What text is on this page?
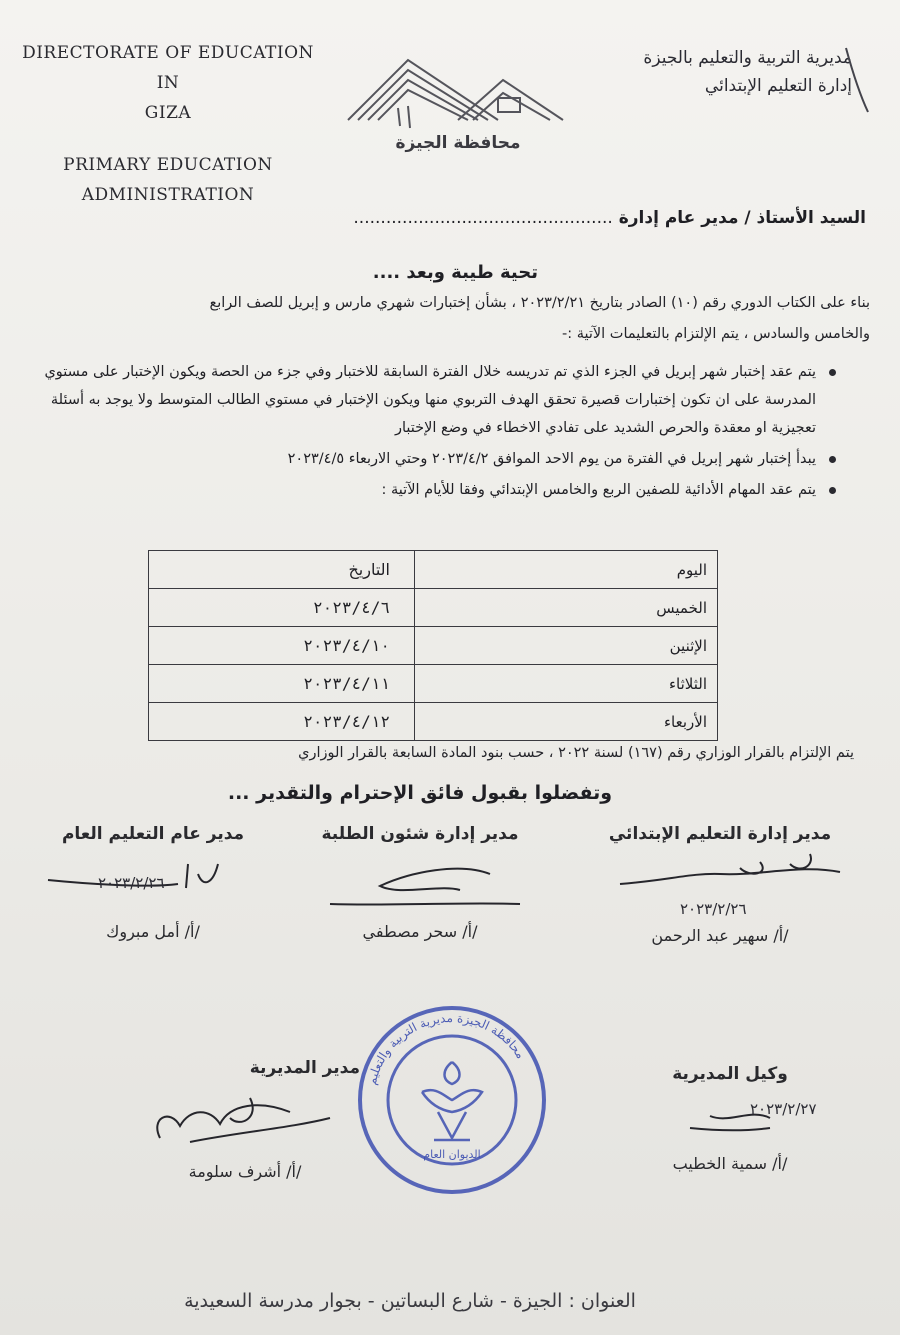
DIRECTORATE OF EDUCATION IN
GIZA
PRIMARY EDUCATION
ADMINISTRATION
محافظة الجيزة
مديرية التربية والتعليم بالجيزة
إدارة التعليم الإبتدائي
السيد الأستاذ / مدير عام إدارة ................................................
تحية طيبة وبعد ....
بناء على الكتاب الدوري رقم (١٠) الصادر بتاريخ ٢٠٢٣/٢/٢١ ، بشأن إختبارات شهري مارس و إبريل للصف الرابع
والخامس والسادس ، يتم الإلتزام بالتعليمات الآتية :-
يتم عقد إختبار شهر إبريل في الجزء الذي تم تدريسه خلال الفترة السابقة للاختبار وفي جزء من الحصة ويكون الإختبار على مستوي المدرسة على ان تكون إختبارات قصيرة تحقق الهدف التربوي منها ويكون الإختبار في مستوي الطالب المتوسط ولا يوجد به أسئلة تعجيزية او معقدة والحرص الشديد على تفادي الاخطاء في وضع الإختبار
يبدأ إختبار شهر إبريل في الفترة من يوم الاحد الموافق ٢٠٢٣/٤/٢ وحتي الاربعاء ٢٠٢٣/٤/٥
يتم عقد المهام الأدائية للصفين الربع والخامس الإبتدائي وفقا للأيام الآتية :
اليوم	التاريخ
الخميس	٢٠٢٣/٤/٦
الإثنين	٢٠٢٣/٤/١٠
الثلاثاء	٢٠٢٣/٤/١١
الأربعاء	٢٠٢٣/٤/١٢
يتم الإلتزام بالقرار الوزاري رقم (١٦٧) لسنة ٢٠٢٢ ، حسب بنود المادة السابعة بالقرار الوزاري
وتفضلوا بقبول فائق الإحترام والتقدير ...
مدير إدارة التعليم الإبتدائي
٢٠٢٣/٢/٢٦
/أ/ سهير عبد الرحمن
مدير إدارة شئون الطلبة
/أ/ سحر مصطفي
مدير عام التعليم العام
٢٠٢٣/٢/٢٦
/أ/ أمل مبروك
محافظة الجيزة مديرية التربية والتعليم
الديوان العام
وكيل المديرية
٢٠٢٣/٢/٢٧
/أ/ سمية الخطيب
مدير المديرية
/أ/ أشرف سلومة
العنوان : الجيزة - شارع البساتين - بجوار مدرسة السعيدية
